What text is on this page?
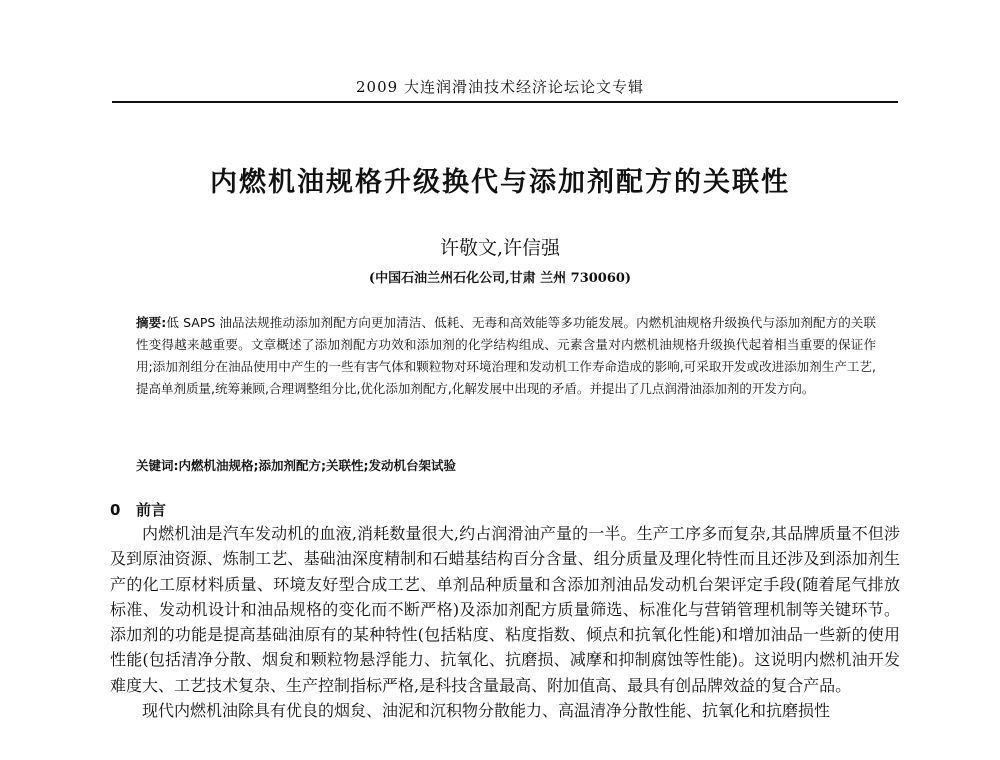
2009 大连润滑油技术经济论坛论文专辑
内燃机油规格升级换代与添加剂配方的关联性
许敬文,许信强
(中国石油兰州石化公司,甘肃 兰州 730060)
摘要:低 SAPS 油品法规推动添加剂配方向更加清洁、低耗、无毒和高效能等多功能发展。内燃机油规格升级换代与添加剂配方的关联性变得越来越重要。文章概述了添加剂配方功效和添加剂的化学结构组成、元素含量对内燃机油规格升级换代起着相当重要的保证作用;添加剂组分在油品使用中产生的一些有害气体和颗粒物对环境治理和发动机工作寿命造成的影响,可采取开发或改进添加剂生产工艺,提高单剂质量,统筹兼顾,合理调整组分比,优化添加剂配方,化解发展中出现的矛盾。并提出了几点润滑油添加剂的开发方向。
关键词:内燃机油规格;添加剂配方;关联性;发动机台架试验
0 前言

内燃机油是汽车发动机的血液,消耗数量很大,约占润滑油产量的一半。生产工序多而复杂,其品牌质量不但涉及到原油资源、炼制工艺、基础油深度精制和石蜡基结构百分含量、组分质量及理化特性而且还涉及到添加剂生产的化工原材料质量、环境友好型合成工艺、单剂品种质量和含添加剂油品发动机台架评定手段(随着尾气排放标准、发动机设计和油品规格的变化而不断严格)及添加剂配方质量筛选、标准化与营销管理机制等关键环节。添加剂的功能是提高基础油原有的某种特性(包括粘度、粘度指数、倾点和抗氧化性能)和增加油品一些新的使用性能(包括清净分散、烟炱和颗粒物悬浮能力、抗氧化、抗磨损、减摩和抑制腐蚀等性能)。这说明内燃机油开发难度大、工艺技术复杂、生产控制指标严格,是科技含量最高、附加值高、最具有创品牌效益的复合产品。

现代内燃机油除具有优良的烟炱、油泥和沉积物分散能力、高温清净分散性能、抗氧化和抗磨损性
